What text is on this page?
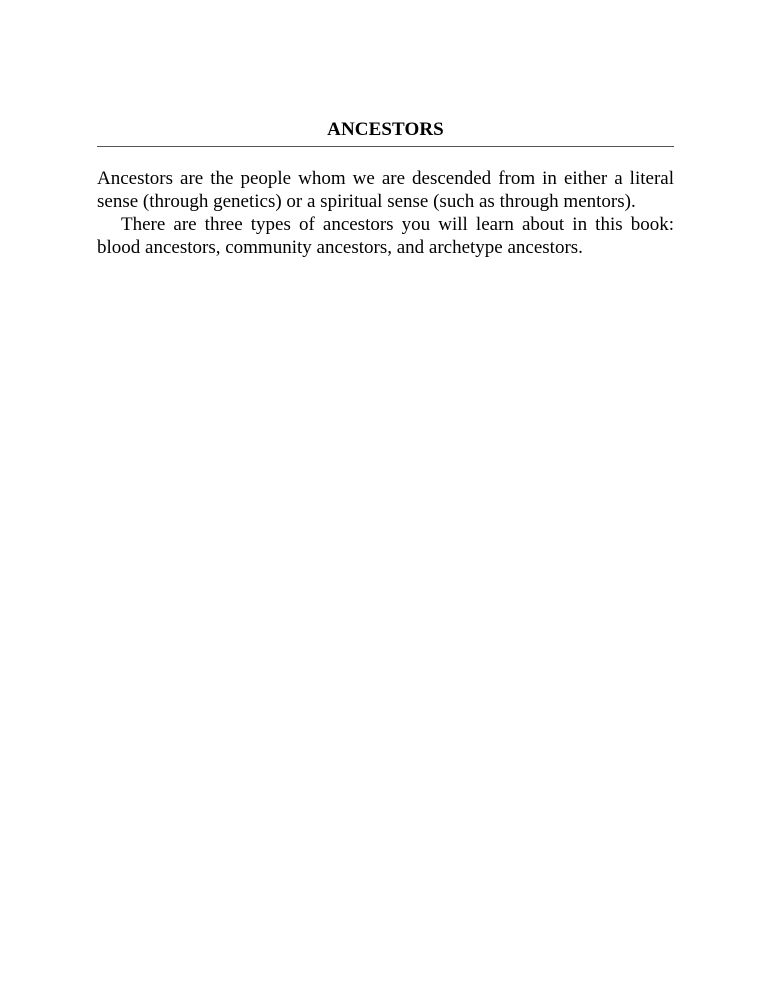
ANCESTORS

Ancestors are the people whom we are descended from in either a literal sense (through genetics) or a spiritual sense (such as through mentors).

There are three types of ancestors you will learn about in this book: blood ancestors, community ancestors, and archetype ancestors.
